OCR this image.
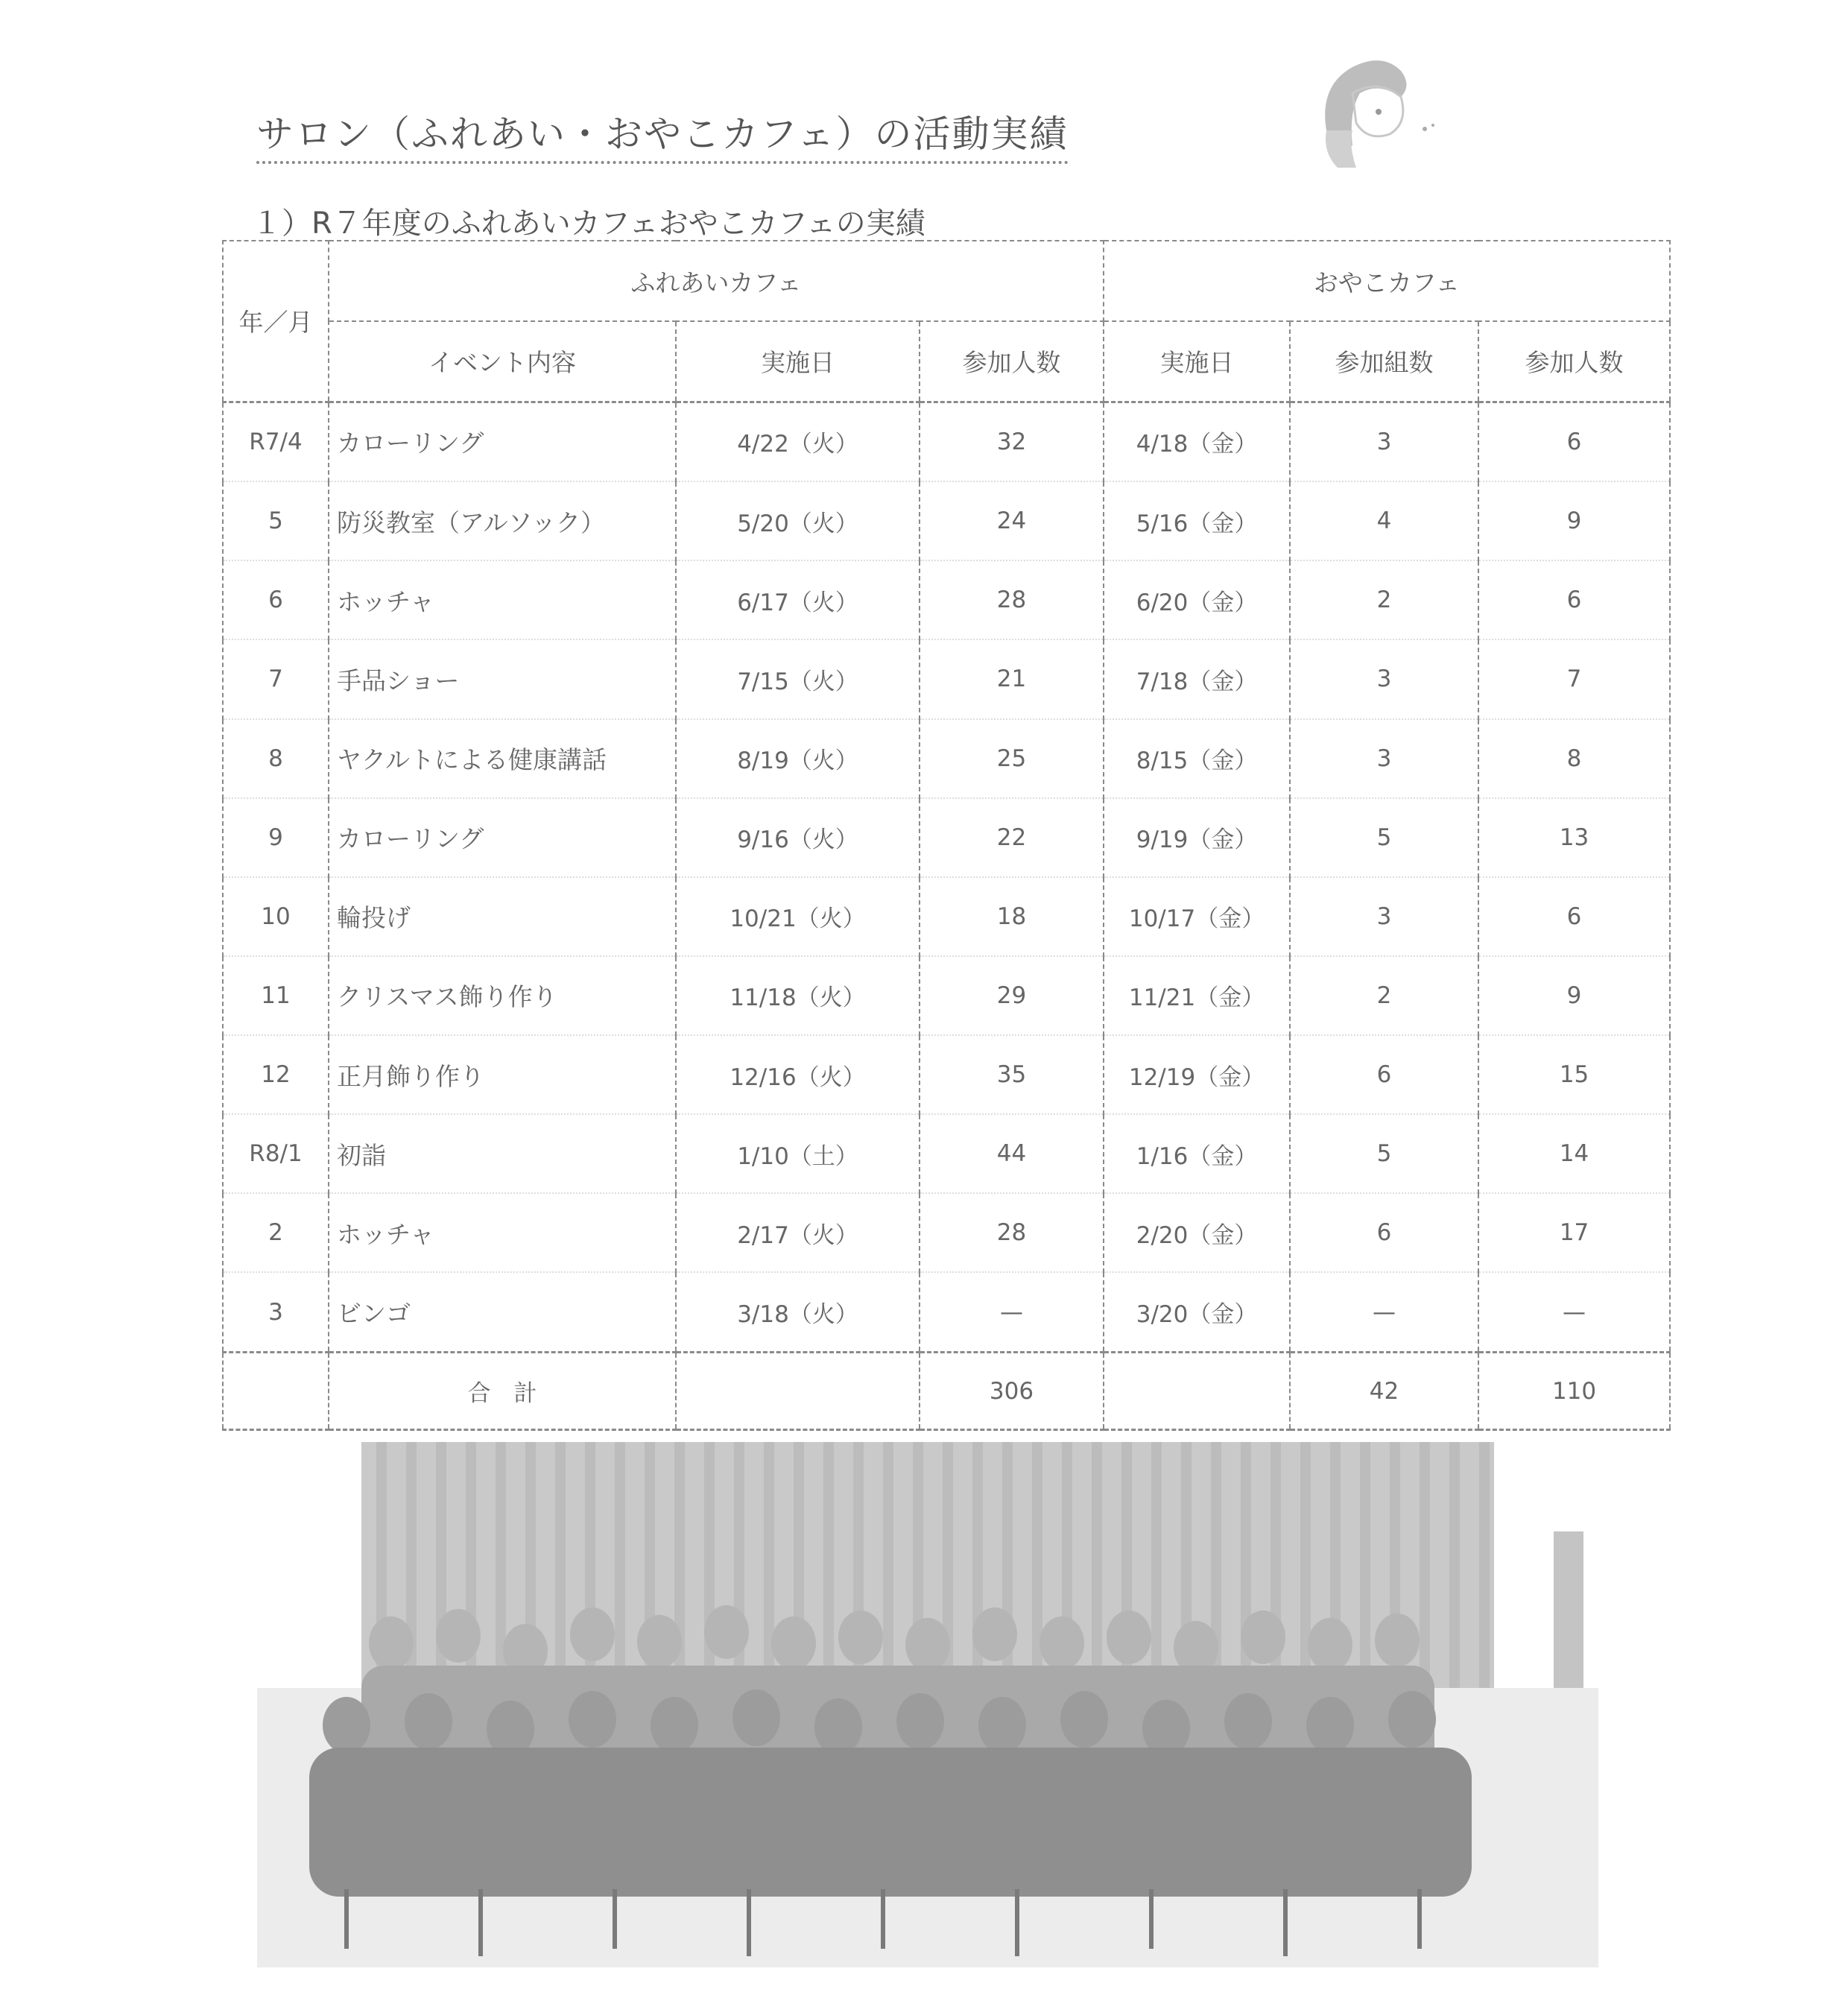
サロン（ふれあい・おやこカフェ）の活動実績
１）R７年度のふれあいカフェおやこカフェの実績
年／月	ふれあいカフェ			おやこカフェ		
	イベント内容	実施日	参加人数	実施日	参加組数	参加人数
R7/4	カローリング	4/22（火）	32	4/18（金）	3	6
5	防災教室（アルソック）	5/20（火）	24	5/16（金）	4	9
6	ホッチャ	6/17（火）	28	6/20（金）	2	6
7	手品ショー	7/15（火）	21	7/18（金）	3	7
8	ヤクルトによる健康講話	8/19（火）	25	8/15（金）	3	8
9	カローリング	9/16（火）	22	9/19（金）	5	13
10	輪投げ	10/21（火）	18	10/17（金）	3	6
11	クリスマス飾り作り	11/18（火）	29	11/21（金）	2	9
12	正月飾り作り	12/16（火）	35	12/19（金）	6	15
R8/1	初詣	1/10（土）	44	1/16（金）	5	14
2	ホッチャ	2/17（火）	28	2/20（金）	6	17
3	ビンゴ	3/18（火）	—	3/20（金）	—	—
	合　計		306		42	110
